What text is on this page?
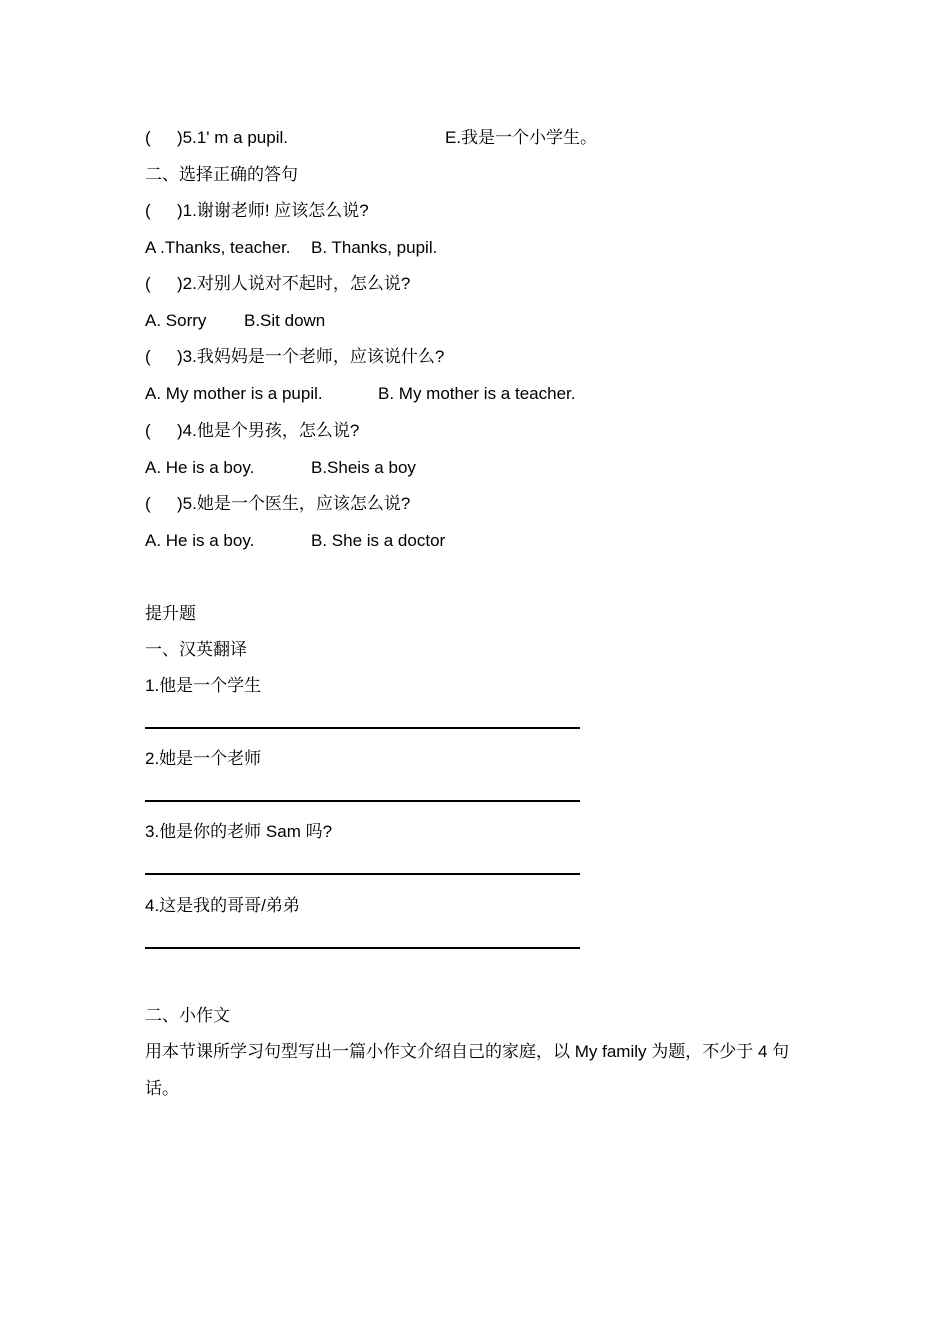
( )5.1' m a pupil.	E.我是一个小学生。
二、选择正确的答句
( )1.谢谢老师! 应该怎么说?
A .Thanks, teacher. B. Thanks, pupil.
( )2.对别人说对不起时，怎么说?
A. Sorry B.Sit down
( )3.我妈妈是一个老师，应该说什么?
A. My mother is a pupil.	B. My mother is a teacher.
( )4.他是个男孩，怎么说?
A. He is a boy.	B.Sheis a boy
( )5.她是一个医生，应该怎么说?
A. He is a boy.	B. She is a doctor
提升题
一、汉英翻译
1.他是一个学生
2.她是一个老师
3.他是你的老师 Sam 吗?
4.这是我的哥哥/弟弟
二、小作文
用本节课所学习句型写出一篇小作文介绍自己的家庭，以 My family 为题，不少于 4 句话。
